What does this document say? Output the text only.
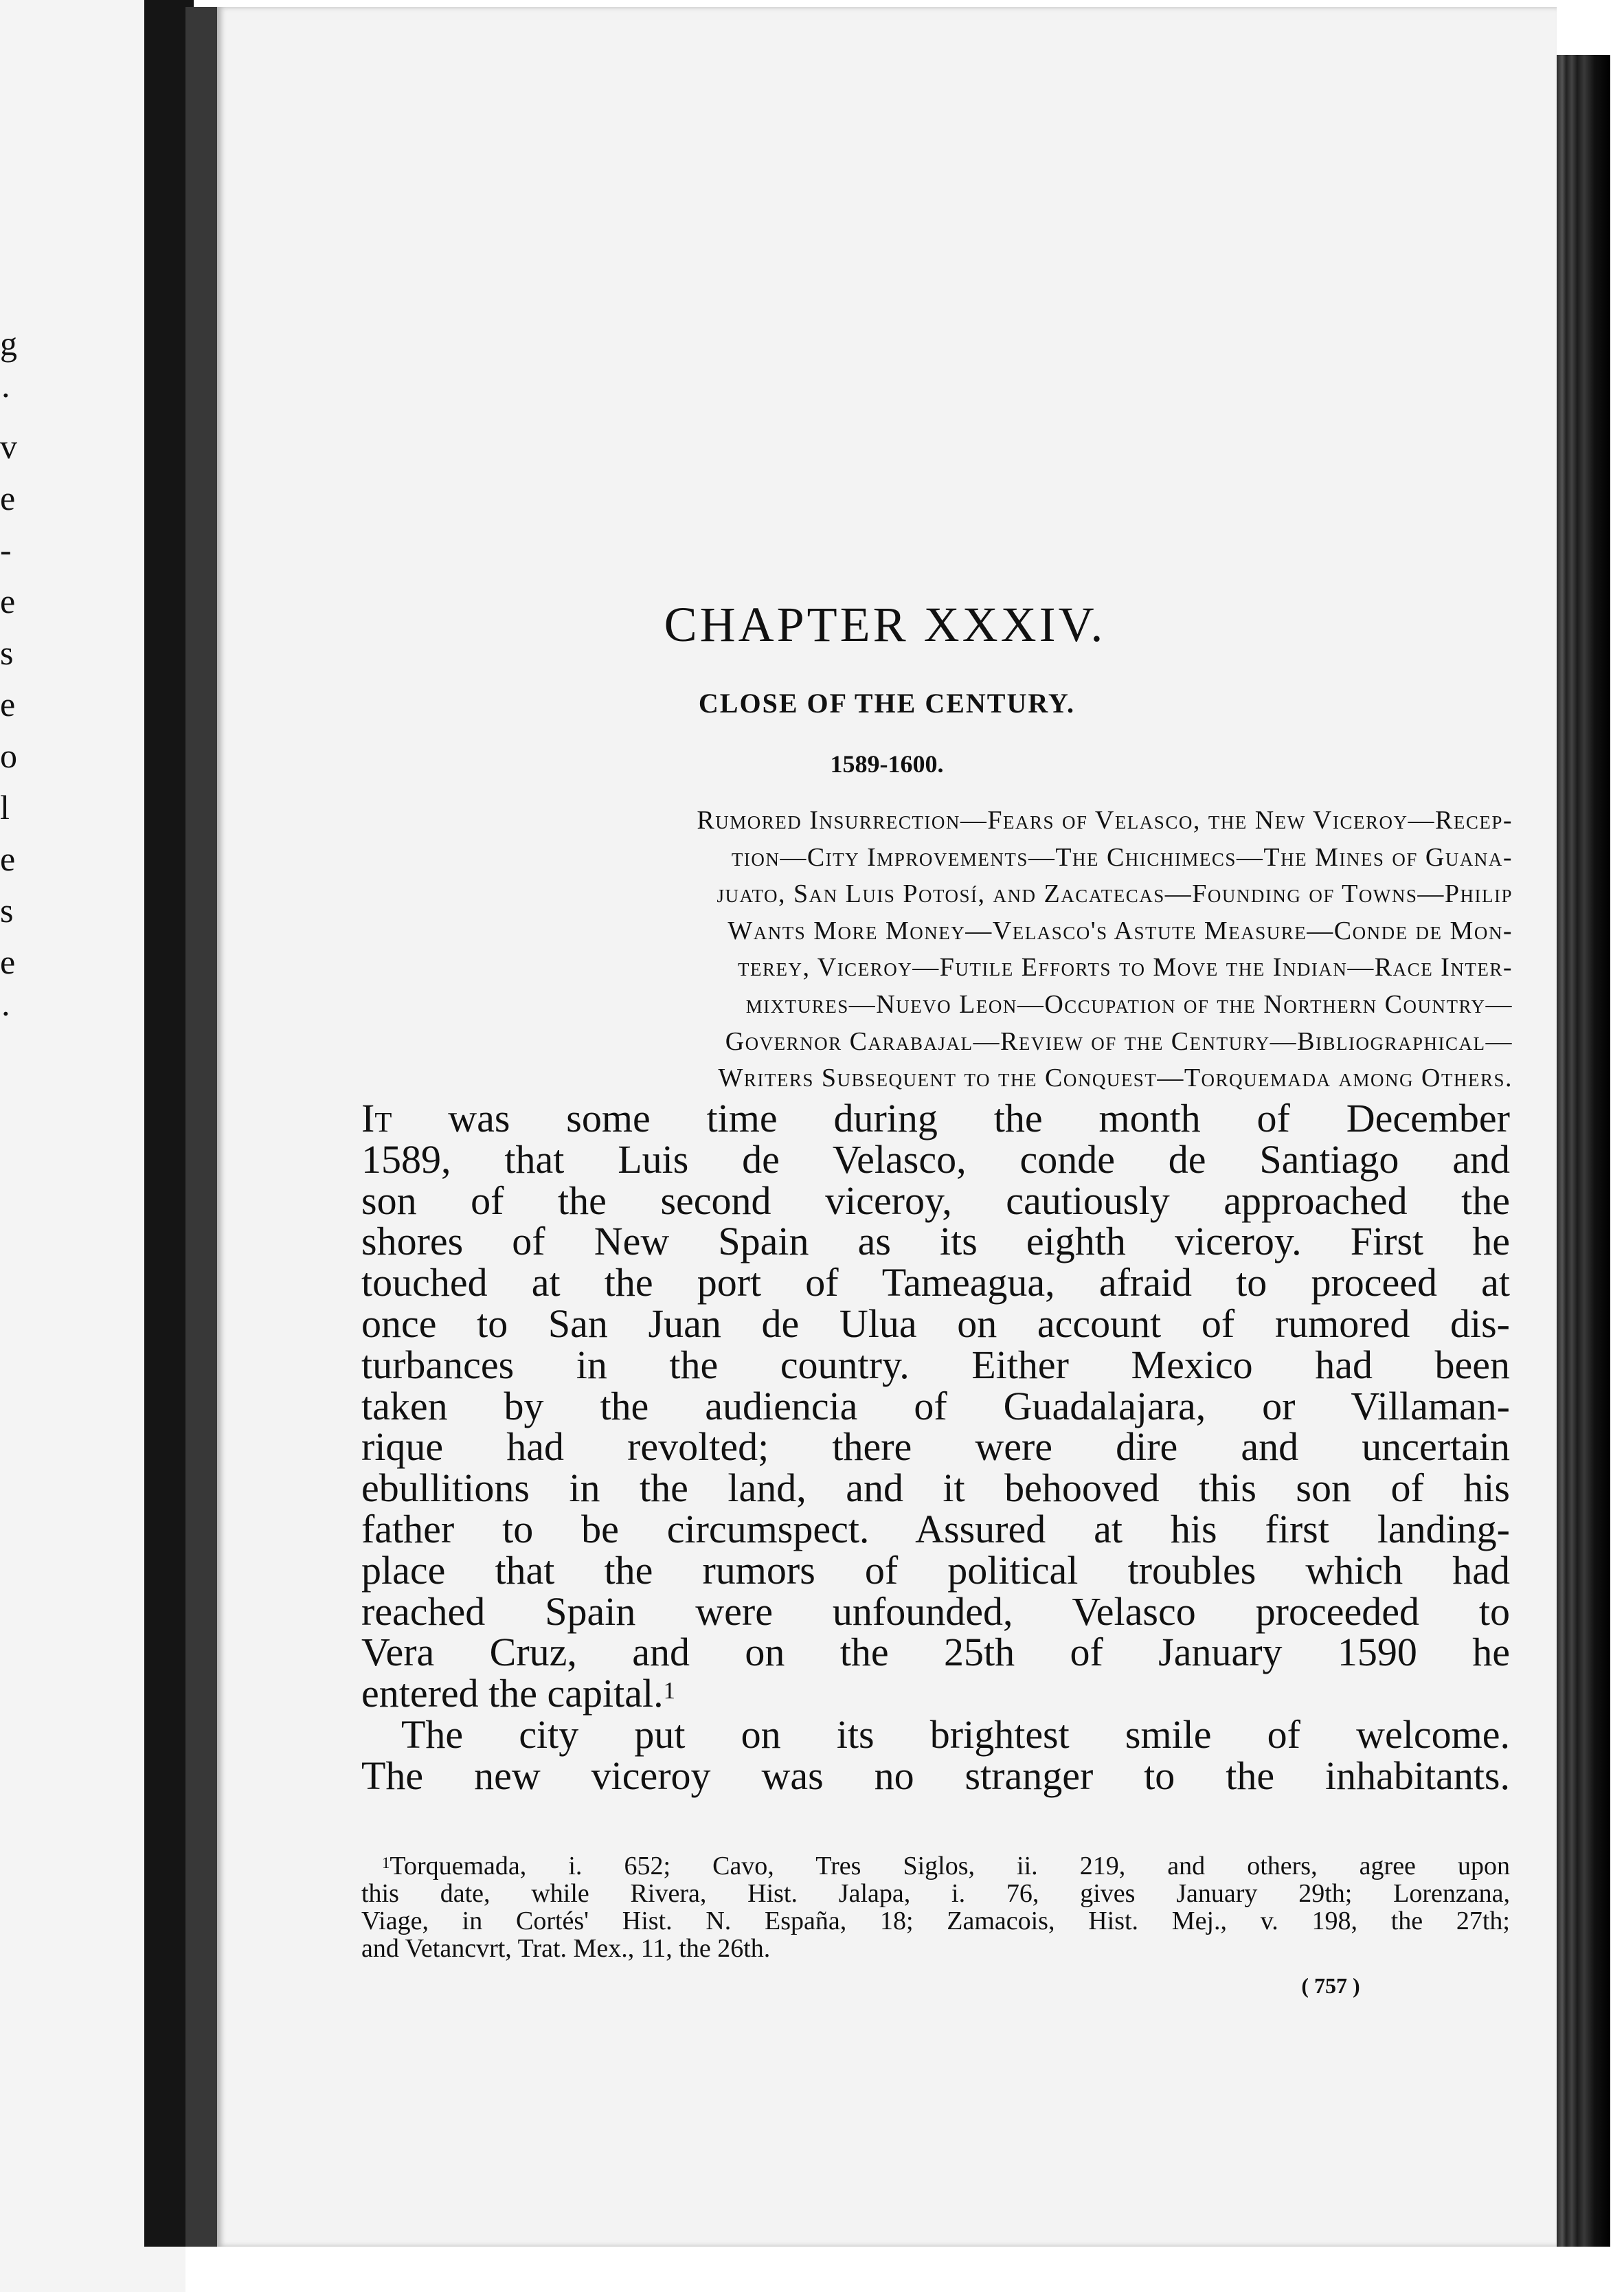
g
·
v
e
-
e
s
e
o
l
e
s
e
·
CHAPTER XXXIV.
CLOSE OF THE CENTURY.
1589-1600.

Rumored Insurrection—Fears of Velasco, the New Viceroy—Recep-
tion—City Improvements—The Chichimecs—The Mines of Guana-
juato, San Luis Potosí, and Zacatecas—Founding of Towns—Philip
Wants More Money—Velasco's Astute Measure—Conde de Mon-
terey, Viceroy—Futile Efforts to Move the Indian—Race Inter-
mixtures—Nuevo Leon—Occupation of the Northern Country—
Governor Carabajal—Review of the Century—Bibliographical—
Writers Subsequent to the Conquest—Torquemada among Others.

It was some time during the month of December
1589, that Luis de Velasco, conde de Santiago and
son of the second viceroy, cautiously approached the
shores of New Spain as its eighth viceroy. First he
touched at the port of Tameagua, afraid to proceed at
once to San Juan de Ulua on account of rumored dis-
turbances in the country. Either Mexico had been
taken by the audiencia of Guadalajara, or Villaman-
rique had revolted; there were dire and uncertain
ebullitions in the land, and it behooved this son of his
father to be circumspect. Assured at his first landing-
place that the rumors of political troubles which had
reached Spain were unfounded, Velasco proceeded to
Vera Cruz, and on the 25th of January 1590 he
entered the capital.$^1$
The city put on its brightest smile of welcome.
The new viceroy was no stranger to the inhabitants.
$^1$Torquemada, i. 652; Cavo, Tres Siglos, ii. 219, and others, agree upon
this date, while Rivera, Hist. Jalapa, i. 76, gives January 29th; Lorenzana,
Viage, in Cortés' Hist. N. España, 18; Zamacois, Hist. Mej., v. 198, the 27th;
and Vetancvrt, Trat. Mex., 11, the 26th.
( 757 )
